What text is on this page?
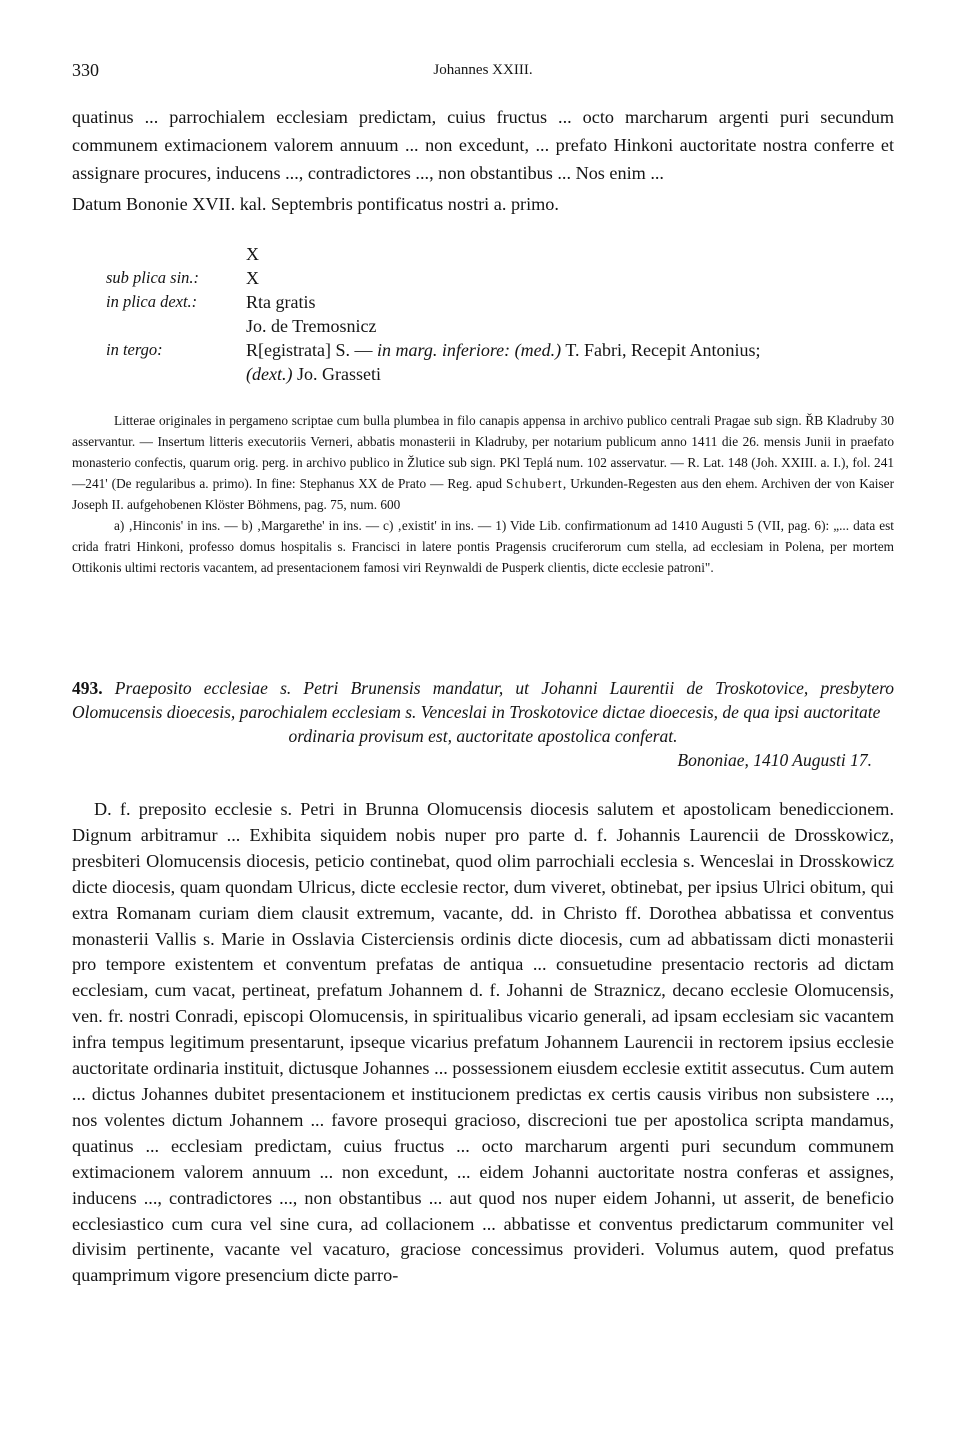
330	Johannes XXIII.

quatinus ... parrochialem ecclesiam predictam, cuius fructus ... octo marcharum argenti puri secundum communem extimacionem valorem annuum ... non excedunt, ... prefato Hinkoni auctoritate nostra conferre et assignare procures, inducens ..., contradictores ..., non obstantibus ... Nos enim ...

Datum Bononie XVII. kal. Septembris pontificatus nostri a. primo.

X
sub plica sin.:	X
in plica dext.:	Rta gratis
Jo. de Tremosnicz
in tergo:	R[egistrata] S. — in marg. inferiore: (med.) T. Fabri, Recepit Antonius;
(dext.) Jo. Grasseti

Litterae originales in pergameno scriptae cum bulla plumbea in filo canapis appensa in archivo publico centrali Pragae sub sign. ŘB Kladruby 30 asservantur. — Insertum litteris executoriis Verneri, abbatis monasterii in Kladruby, per notarium publicum anno 1411 die 26. mensis Junii in praefato monasterio confectis, quarum orig. perg. in archivo publico in Žlutice sub sign. PKl Teplá num. 102 asservatur. — R. Lat. 148 (Joh. XXIII. a. I.), fol. 241—241' (De regularibus a. primo). In fine: Stephanus XX de Prato — Reg. apud Schubert, Urkunden-Regesten aus den ehem. Archiven der von Kaiser Joseph II. aufgehobenen Klöster Böhmens, pag. 75, num. 600

a) ‚Hinconis' in ins. — b) ‚Margarethe' in ins. — c) ‚existit' in ins. — 1) Vide Lib. confirmationum ad 1410 Augusti 5 (VII, pag. 6): „... data est crida fratri Hinkoni, professo domus hospitalis s. Francisci in latere pontis Pragensis cruciferorum cum stella, ad ecclesiam in Polena, per mortem Ottikonis ultimi rectoris vacantem, ad presentacionem famosi viri Reynwaldi de Pusperk clientis, dicte ecclesie patroni".

493. Praeposito ecclesiae s. Petri Brunensis mandatur, ut Johanni Laurentii de Troskotovice, presbytero Olomucensis dioecesis, parochialem ecclesiam s. Venceslai in Troskotovice dictae dioecesis, de qua ipsi auctoritate
ordinaria provisum est, auctoritate apostolica conferat.
Bononiae, 1410 Augusti 17.

D. f. preposito ecclesie s. Petri in Brunna Olomucensis diocesis salutem et apostolicam benediccionem. Dignum arbitramur ... Exhibita siquidem nobis nuper pro parte d. f. Johannis Laurencii de Drosskowicz, presbiteri Olomucensis diocesis, peticio continebat, quod olim parrochiali ecclesia s. Wenceslai in Drosskowicz dicte diocesis, quam quondam Ulricus, dicte ecclesie rector, dum viveret, obtinebat, per ipsius Ulrici obitum, qui extra Romanam curiam diem clausit extremum, vacante, dd. in Christo ff. Dorothea abbatissa et conventus monasterii Vallis s. Marie in Osslavia Cisterciensis ordinis dicte diocesis, cum ad abbatissam dicti monasterii pro tempore existentem et conventum prefatas de antiqua ... consuetudine presentacio rectoris ad dictam ecclesiam, cum vacat, pertineat, prefatum Johannem d. f. Johanni de Straznicz, decano ecclesie Olomucensis, ven. fr. nostri Conradi, episcopi Olomucensis, in spiritualibus vicario generali, ad ipsam ecclesiam sic vacantem infra tempus legitimum presentarunt, ipseque vicarius prefatum Johannem Laurencii in rectorem ipsius ecclesie auctoritate ordinaria instituit, dictusque Johannes ... possessionem eiusdem ecclesie extitit assecutus. Cum autem ... dictus Johannes dubitet presentacionem et institucionem predictas ex certis causis viribus non subsistere ..., nos volentes dictum Johannem ... favore prosequi gracioso, discrecioni tue per apostolica scripta mandamus, quatinus ... ecclesiam predictam, cuius fructus ... octo marcharum argenti puri secundum communem extimacionem valorem annuum ... non excedunt, ... eidem Johanni auctoritate nostra conferas et assignes, inducens ..., contradictores ..., non obstantibus ... aut quod nos nuper eidem Johanni, ut asserit, de beneficio ecclesiastico cum cura vel sine cura, ad collacionem ... abbatisse et conventus predictarum communiter vel divisim pertinente, vacante vel vacaturo, graciose concessimus provideri. Volumus autem, quod prefatus quamprimum vigore presencium dicte parro-
